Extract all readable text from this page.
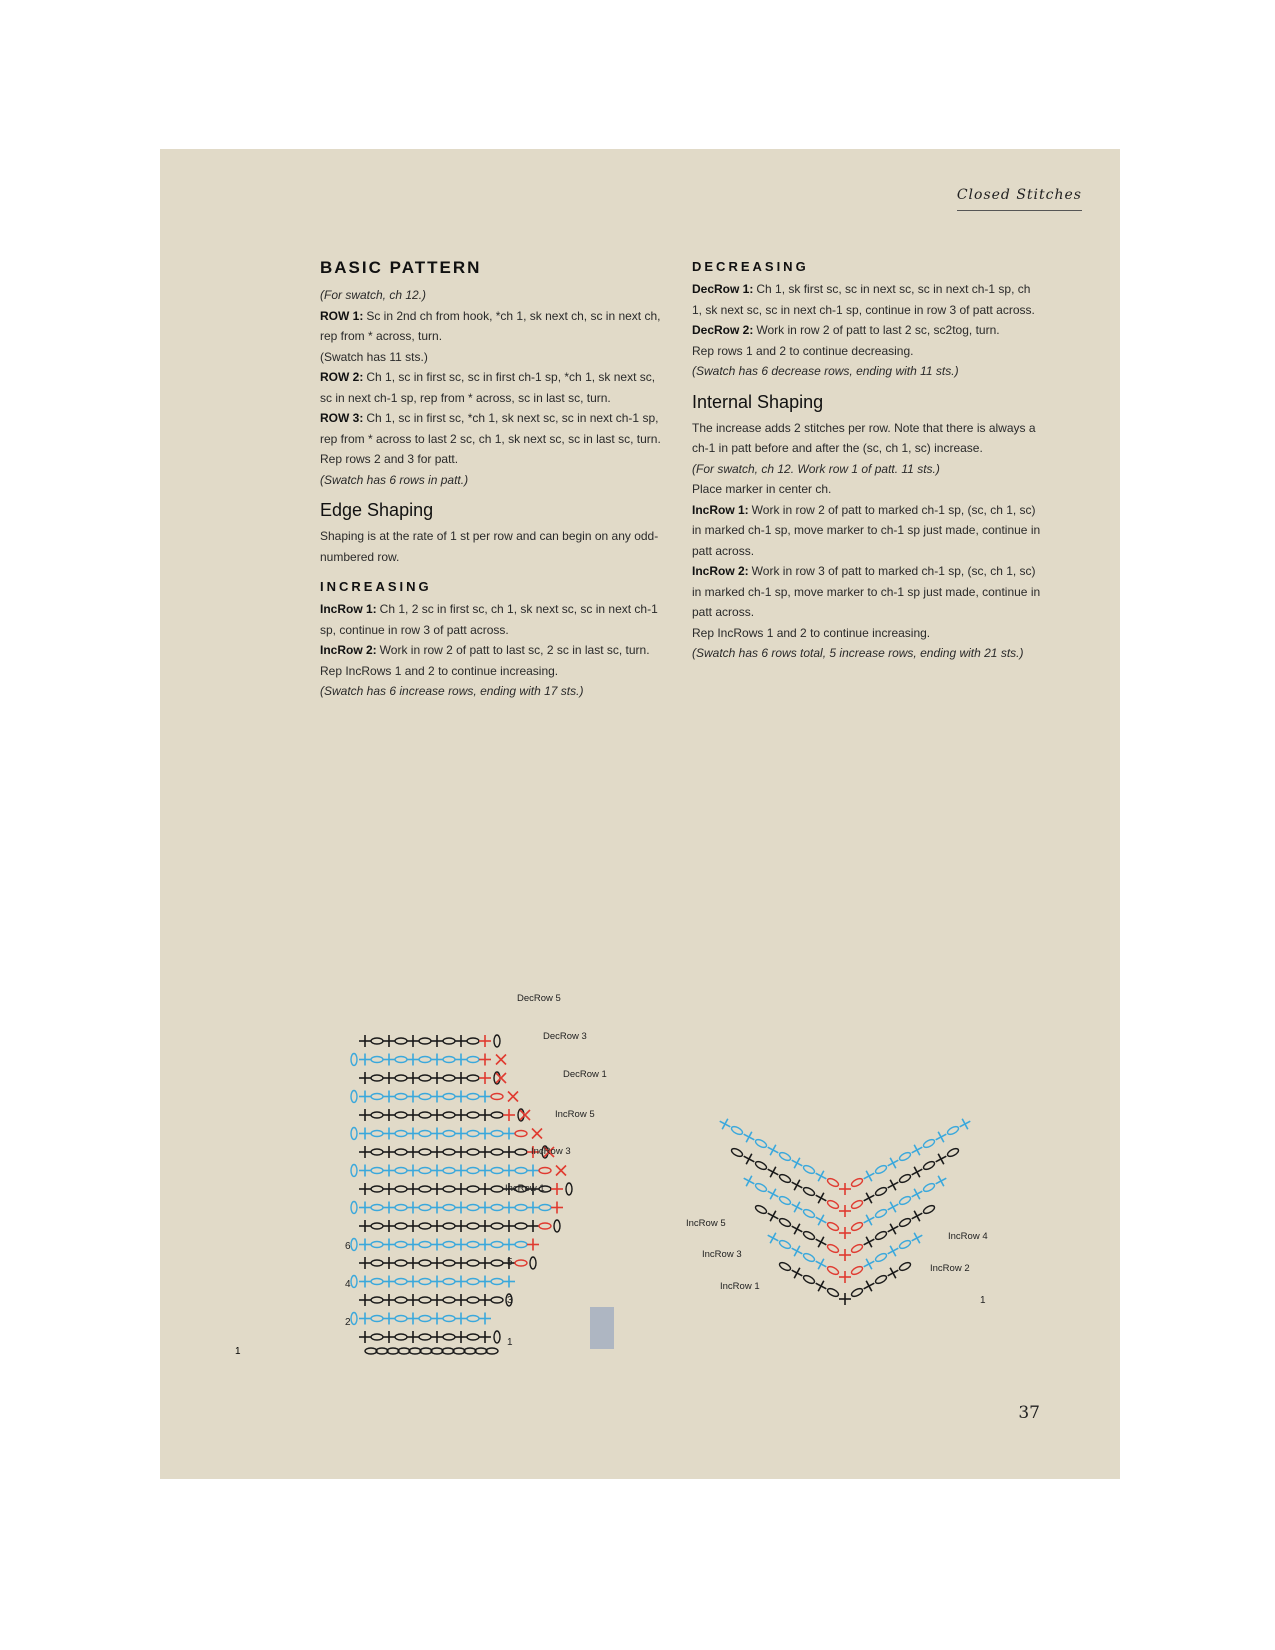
Closed Stitches
BASIC PATTERN

(For swatch, ch 12.)

ROW 1: Sc in 2nd ch from hook, *ch 1, sk next ch, sc in next ch, rep from * across, turn.

(Swatch has 11 sts.)

ROW 2: Ch 1, sc in first sc, sc in first ch-1 sp, *ch 1, sk next sc, sc in next ch-1 sp, rep from * across, sc in last sc, turn.

ROW 3: Ch 1, sc in first sc, *ch 1, sk next sc, sc in next ch-1 sp, rep from * across to last 2 sc, ch 1, sk next sc, sc in last sc, turn.

Rep rows 2 and 3 for patt.

(Swatch has 6 rows in patt.)

Edge Shaping

Shaping is at the rate of 1 st per row and can begin on any odd-numbered row.

INCREASING

IncRow 1: Ch 1, 2 sc in first sc, ch 1, sk next sc, sc in next ch-1 sp, continue in row 3 of patt across.

IncRow 2: Work in row 2 of patt to last sc, 2 sc in last sc, turn.

Rep IncRows 1 and 2 to continue increasing.

(Swatch has 6 increase rows, ending with 17 sts.)

DECREASING

DecRow 1: Ch 1, sk first sc, sc in next sc, sc in next ch-1 sp, ch 1, sk next sc, sc in next ch-1 sp, continue in row 3 of patt across.

DecRow 2: Work in row 2 of patt to last 2 sc, sc2tog, turn.

Rep rows 1 and 2 to continue decreasing.

(Swatch has 6 decrease rows, ending with 11 sts.)

Internal Shaping

The increase adds 2 stitches per row. Note that there is always a ch-1 in patt before and after the (sc, ch 1, sc) increase.

(For swatch, ch 12. Work row 1 of patt. 11 sts.)

Place marker in center ch.

IncRow 1: Work in row 2 of patt to marked ch-1 sp, (sc, ch 1, sc) in marked ch-1 sp, move marker to ch-1 sp just made, continue in patt across.

IncRow 2: Work in row 3 of patt to marked ch-1 sp, (sc, ch 1, sc) in marked ch-1 sp, move marker to ch-1 sp just made, continue in patt across.

Rep IncRows 1 and 2 to continue increasing.

(Swatch has 6 rows total, 5 increase rows, ending with 21 sts.)

1
1
3
5
2
4
6
IncRow 1
IncRow 3
IncRow 5
DecRow 1
DecRow 3
DecRow 5
1
IncRow 1
IncRow 3
IncRow 5
IncRow 2
IncRow 4
37
